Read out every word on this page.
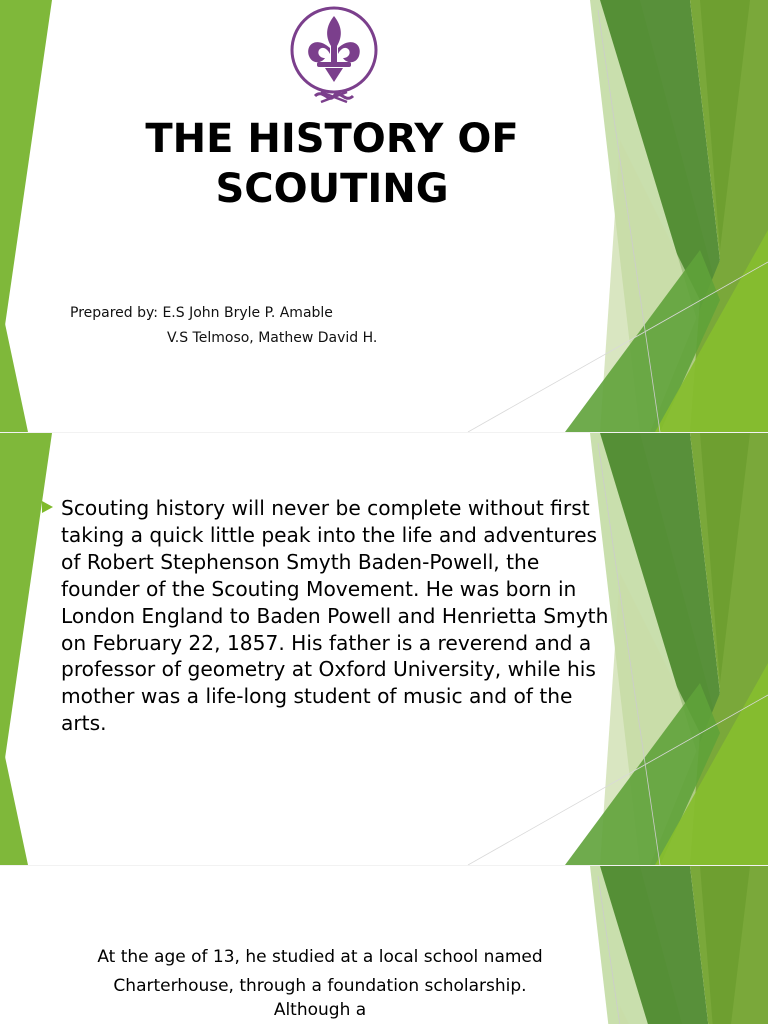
THE HISTORY OF
SCOUTING
Prepared by: E.S John Bryle P. Amable
V.S Telmoso, Mathew David H.
Scouting history will never be complete without first taking a quick little peak into the life and adventures of Robert Stephenson Smyth Baden-Powell, the founder of the Scouting Movement. He was born in London England to Baden Powell and Henrietta Smyth on February 22, 1857. His father is a reverend and a professor of geometry at Oxford University, while his mother was a life-long student of music and of the arts.
At the age of 13, he studied at a local school named
Charterhouse, through a foundation scholarship.

Although a
